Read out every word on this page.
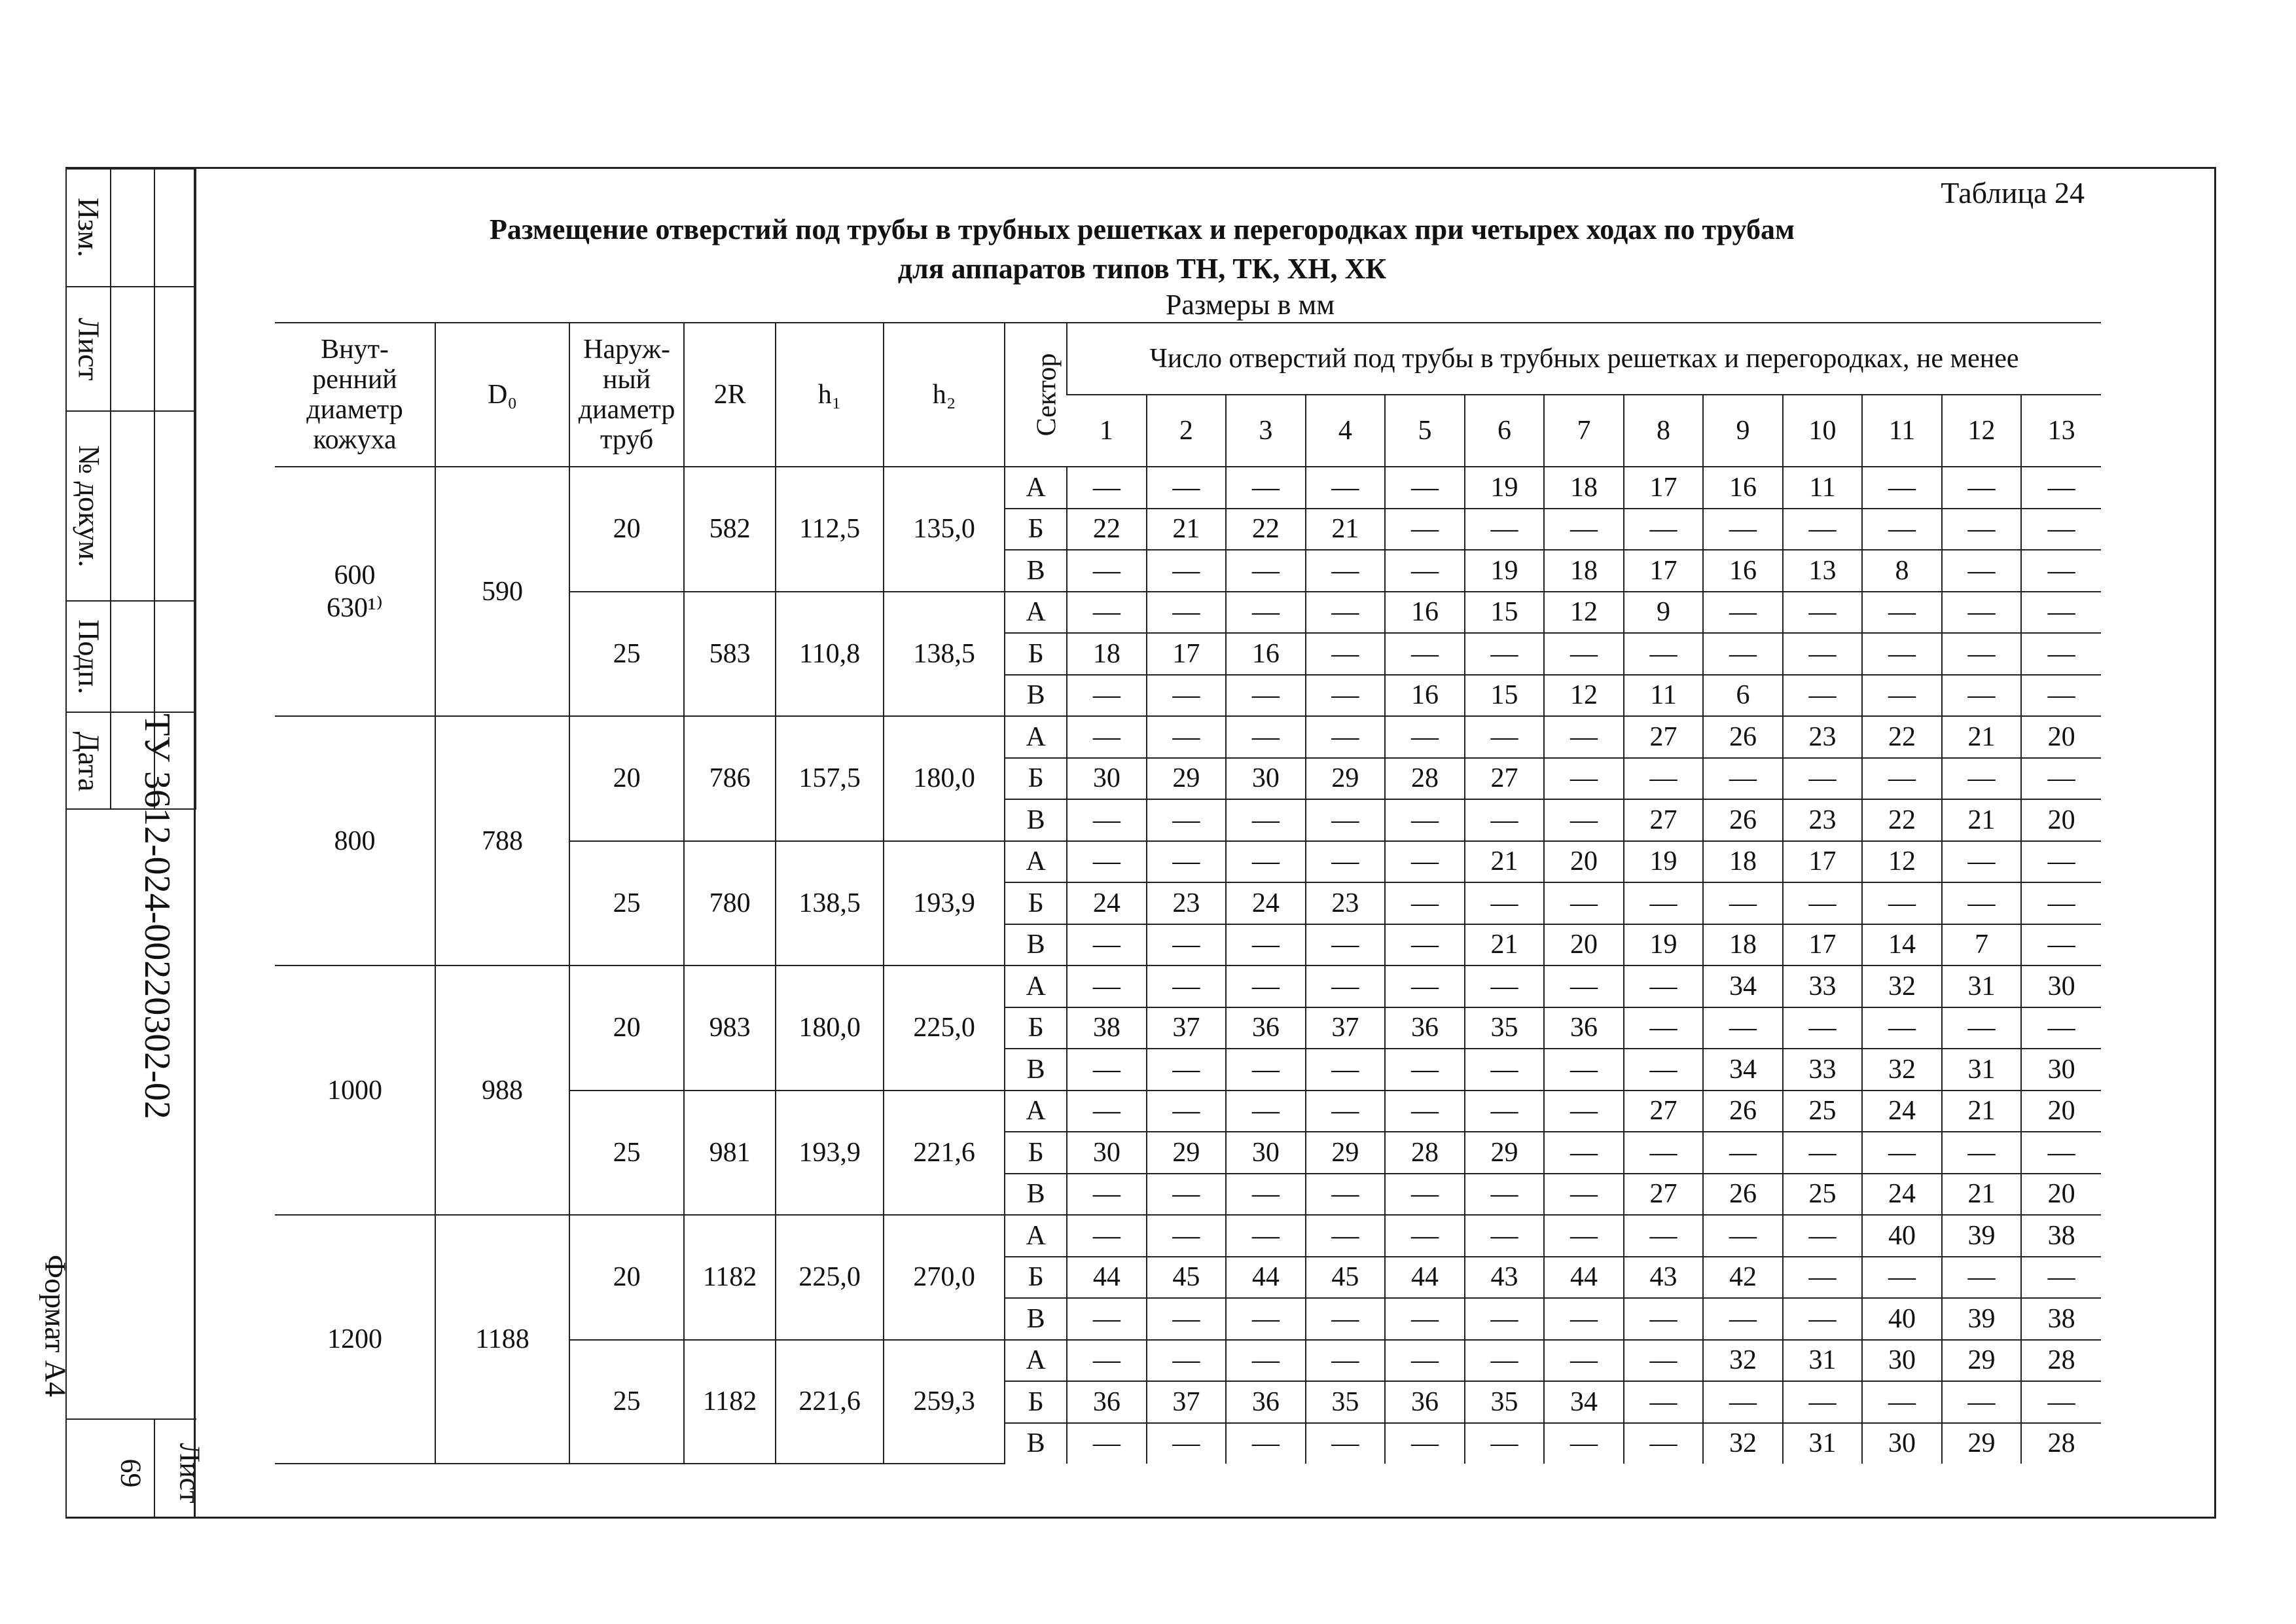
Изм.
Лист
№ докум.
Подп.
Дата ТУ 3612-024-00220302-02
Формат А4
Лист
69
Таблица 24
Размещение отверстий под трубы в трубных решетках и перегородках при четырех ходах по трубам
для аппаратов типов ТН, ТК, ХН, ХК
Размеры в мм
Внут-ренний диаметр кожуха	D₀	Наруж-ный диаметр труб	2R	h₁	h₂	Сектор	Число отверстий под трубы в трубных решетках и перегородках, не менее												
							1	2	3	4	5	6	7	8	9	10	11	12	13
600
630¹⁾	590	20	582	112,5	135,0	А	—	—	—	—	—	19	18	17	16	11	—	—	—
						Б	22	21	22	21	—	—	—	—	—	—	—	—	—
						В	—	—	—	—	—	19	18	17	16	13	8	—	—
		25	583	110,8	138,5	А	—	—	—	—	16	15	12	9	—	—	—	—	—
						Б	18	17	16	—	—	—	—	—	—	—	—	—	—
						В	—	—	—	—	16	15	12	11	6	—	—	—	—
800	788	20	786	157,5	180,0	А	—	—	—	—	—	—	—	27	26	23	22	21	20
						Б	30	29	30	29	28	27	—	—	—	—	—	—	—
						В	—	—	—	—	—	—	—	27	26	23	22	21	20
		25	780	138,5	193,9	А	—	—	—	—	—	21	20	19	18	17	12	—	—
						Б	24	23	24	23	—	—	—	—	—	—	—	—	—
						В	—	—	—	—	—	21	20	19	18	17	14	7	—
1000	988	20	983	180,0	225,0	А	—	—	—	—	—	—	—	—	34	33	32	31	30
						Б	38	37	36	37	36	35	36	—	—	—	—	—	—
						В	—	—	—	—	—	—	—	—	34	33	32	31	30
		25	981	193,9	221,6	А	—	—	—	—	—	—	—	27	26	25	24	21	20
						Б	30	29	30	29	28	29	—	—	—	—	—	—	—
						В	—	—	—	—	—	—	—	27	26	25	24	21	20
1200	1188	20	1182	225,0	270,0	А	—	—	—	—	—	—	—	—	—	—	40	39	38
						Б	44	45	44	45	44	43	44	43	42	—	—	—	—
						В	—	—	—	—	—	—	—	—	—	—	40	39	38
		25	1182	221,6	259,3	А	—	—	—	—	—	—	—	—	32	31	30	29	28
						Б	36	37	36	35	36	35	34	—	—	—	—	—	—
						В	—	—	—	—	—	—	—	—	32	31	30	29	28
